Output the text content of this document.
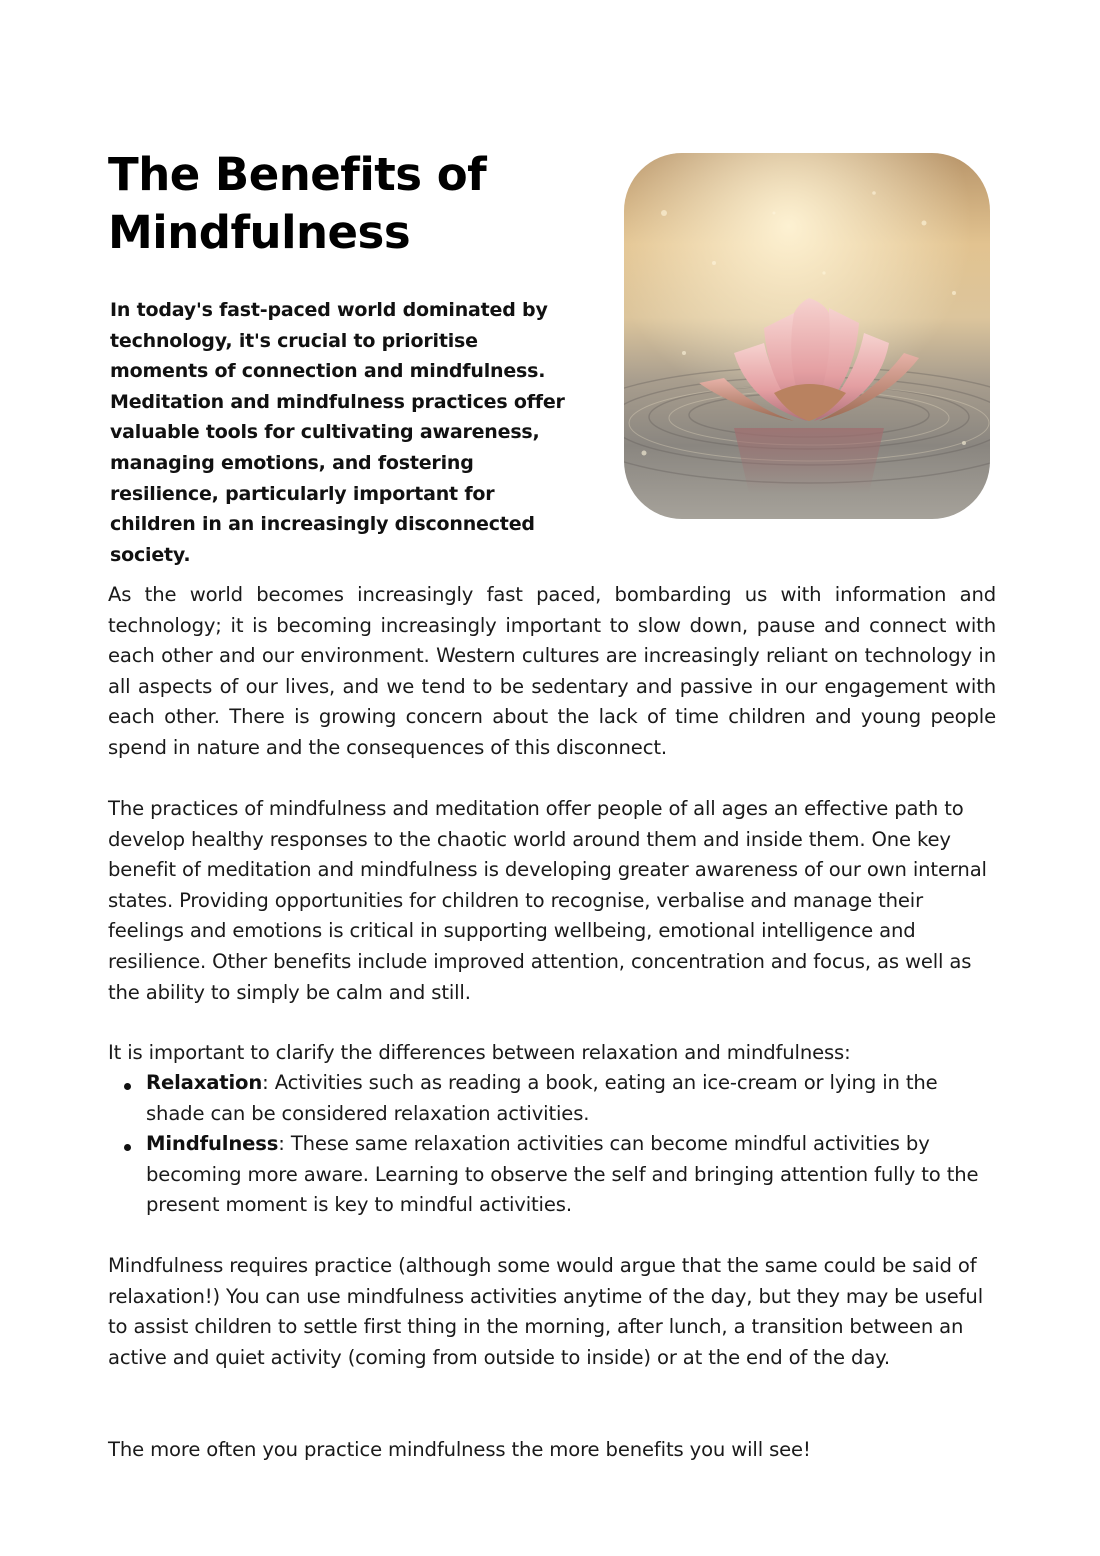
The Benefits of Mindfulness

In today's fast-paced world dominated by technology, it's crucial to prioritise moments of connection and mindfulness. Meditation and mindfulness practices offer valuable tools for cultivating awareness, managing emotions, and fostering resilience, particularly important for children in an increasingly disconnected society.

As the world becomes increasingly fast paced, bombarding us with information and technology; it is becoming increasingly important to slow down, pause and connect with each other and our environment. Western cultures are increasingly reliant on technology in all aspects of our lives, and we tend to be sedentary and passive in our engagement with each other. There is growing concern about the lack of time children and young people spend in nature and the consequences of this disconnect.

The practices of mindfulness and meditation offer people of all ages an effective path to develop healthy responses to the chaotic world around them and inside them. One key benefit of meditation and mindfulness is developing greater awareness of our own internal states. Providing opportunities for children to recognise, verbalise and manage their feelings and emotions is critical in supporting wellbeing, emotional intelligence and resilience. Other benefits include improved attention, concentration and focus, as well as the ability to simply be calm and still.

It is important to clarify the differences between relaxation and mindfulness:

Relaxation: Activities such as reading a book, eating an ice-cream or lying in the shade can be considered relaxation activities.
Mindfulness: These same relaxation activities can become mindful activities by becoming more aware. Learning to observe the self and bringing attention fully to the present moment is key to mindful activities.

Mindfulness requires practice (although some would argue that the same could be said of relaxation!) You can use mindfulness activities anytime of the day, but they may be useful to assist children to settle first thing in the morning, after lunch, a transition between an active and quiet activity (coming from outside to inside) or at the end of the day.

The more often you practice mindfulness the more benefits you will see!
